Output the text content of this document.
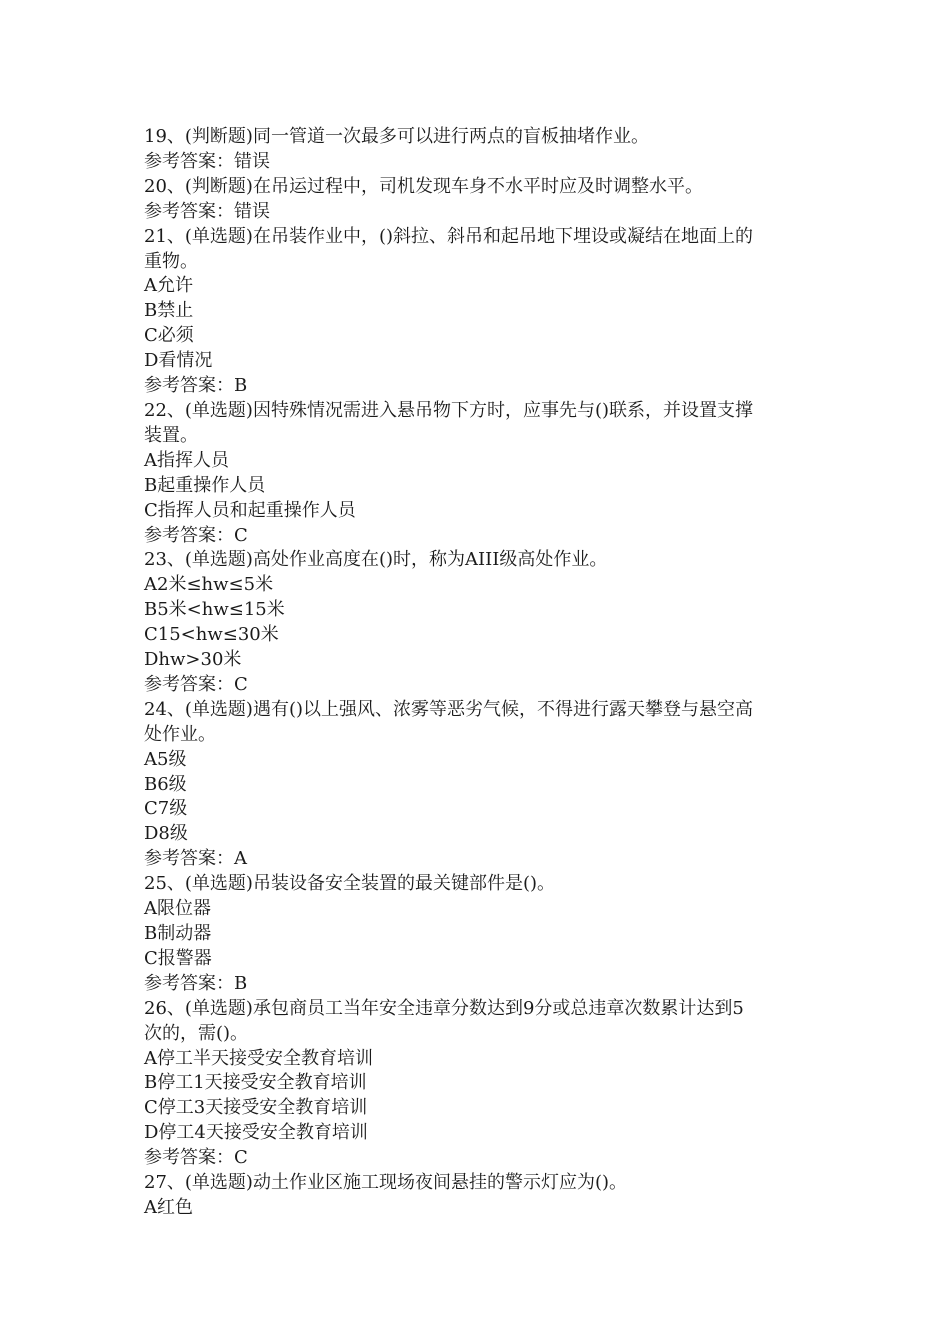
19、(判断题)同一管道一次最多可以进行两点的盲板抽堵作业。
参考答案：错误
20、(判断题)在吊运过程中，司机发现车身不水平时应及时调整水平。
参考答案：错误
21、(单选题)在吊装作业中，()斜拉、斜吊和起吊地下埋设或凝结在地面上的
重物。
A允许
B禁止
C必须
D看情况
参考答案：B
22、(单选题)因特殊情况需进入悬吊物下方时，应事先与()联系，并设置支撑
装置。
A指挥人员
B起重操作人员
C指挥人员和起重操作人员
参考答案：C
23、(单选题)高处作业高度在()时，称为AIII级高处作业。
A2米≤hw≤5米
B5米<hw≤15米
C15<hw≤30米
Dhw>30米
参考答案：C
24、(单选题)遇有()以上强风、浓雾等恶劣气候，不得进行露天攀登与悬空高
处作业。
A5级
B6级
C7级
D8级
参考答案：A
25、(单选题)吊装设备安全装置的最关键部件是()。
A限位器
B制动器
C报警器
参考答案：B
26、(单选题)承包商员工当年安全违章分数达到9分或总违章次数累计达到5
次的，需()。
A停工半天接受安全教育培训
B停工1天接受安全教育培训
C停工3天接受安全教育培训
D停工4天接受安全教育培训
参考答案：C
27、(单选题)动土作业区施工现场夜间悬挂的警示灯应为()。
A红色
